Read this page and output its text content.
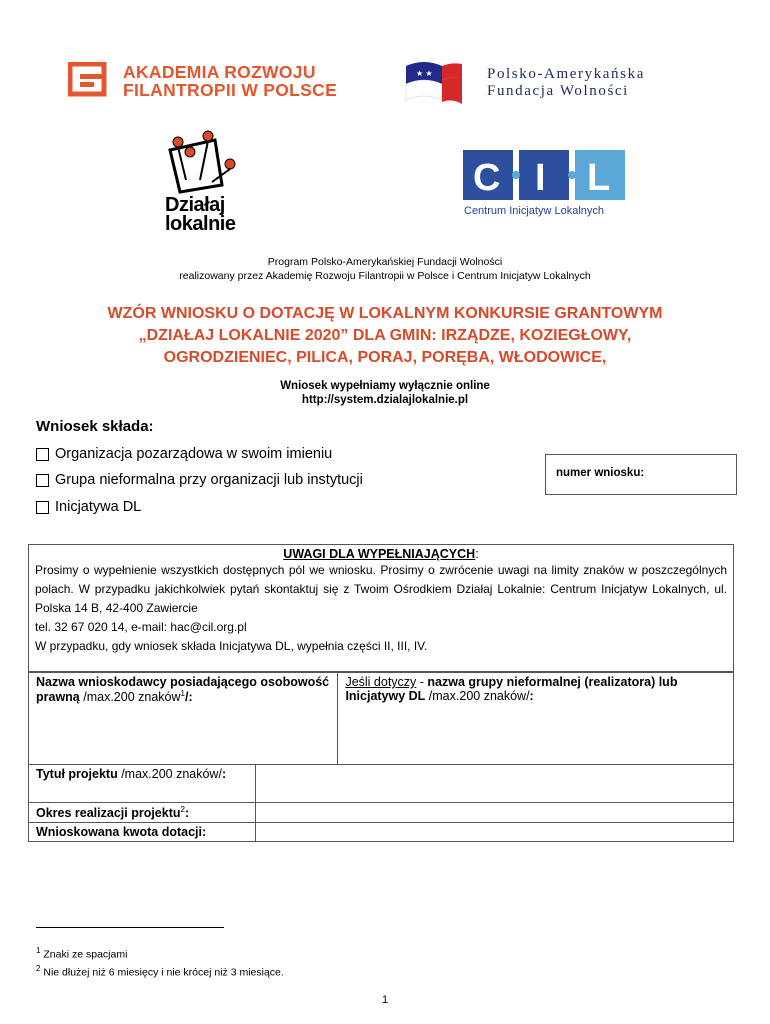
AKADEMIA ROZWOJU
FILANTROPII W POLSCE
★ ★	Polsko-Amerykańska
Fundacja Wolności
Działaj
lokalnie
C I L
Centrum Inicjatyw Lokalnych
Program Polsko-Amerykańskiej Fundacji Wolności
realizowany przez Akademię Rozwoju Filantropii w Polsce i Centrum Inicjatyw Lokalnych
WZÓR WNIOSKU O DOTACJĘ W LOKALNYM KONKURSIE GRANTOWYM
„DZIAŁAJ LOKALNIE 2020” DLA GMIN: IRZĄDZE, KOZIEGŁOWY,
OGRODZIENIEC, PILICA, PORAJ, PORĘBA, WŁODOWICE,
Wniosek wypełniamy wyłącznie online
http://system.dzialajlokalnie.pl
Wniosek składa:
Organizacja pozarządowa w swoim imieniu
Grupa nieformalna przy organizacji lub instytucji
Inicjatywa DL
numer wniosku:
UWAGI DLA WYPEŁNIAJĄCYCH:
Prosimy o wypełnienie wszystkich dostępnych pól we wniosku. Prosimy o zwrócenie uwagi na limity znaków w poszczególnych polach. W przypadku jakichkolwiek pytań skontaktuj się z Twoim Ośrodkiem Działaj Lokalnie: Centrum Inicjatyw Lokalnych, ul. Polska 14 B, 42-400 Zawiercie
tel. 32 67 020 14, e-mail: hac@cil.org.pl
W przypadku, gdy wniosek składa Inicjatywa DL, wypełnia części II, III, IV.
Nazwa wnioskodawcy posiadającego osobowość prawną /max.200 znaków$^1$/:		Jeśli dotyczy - nazwa grupy nieformalnej (realizatora) lub Inicjatywy DL /max.200 znaków/:
Tytuł projektu /max.200 znaków/:		
Okres realizacji projektu$^2$:		
Wnioskowana kwota dotacji:		
$^1$ Znaki ze spacjami
$^2$ Nie dłużej niż 6 miesięcy i nie krócej niż 3 miesiące.
1
